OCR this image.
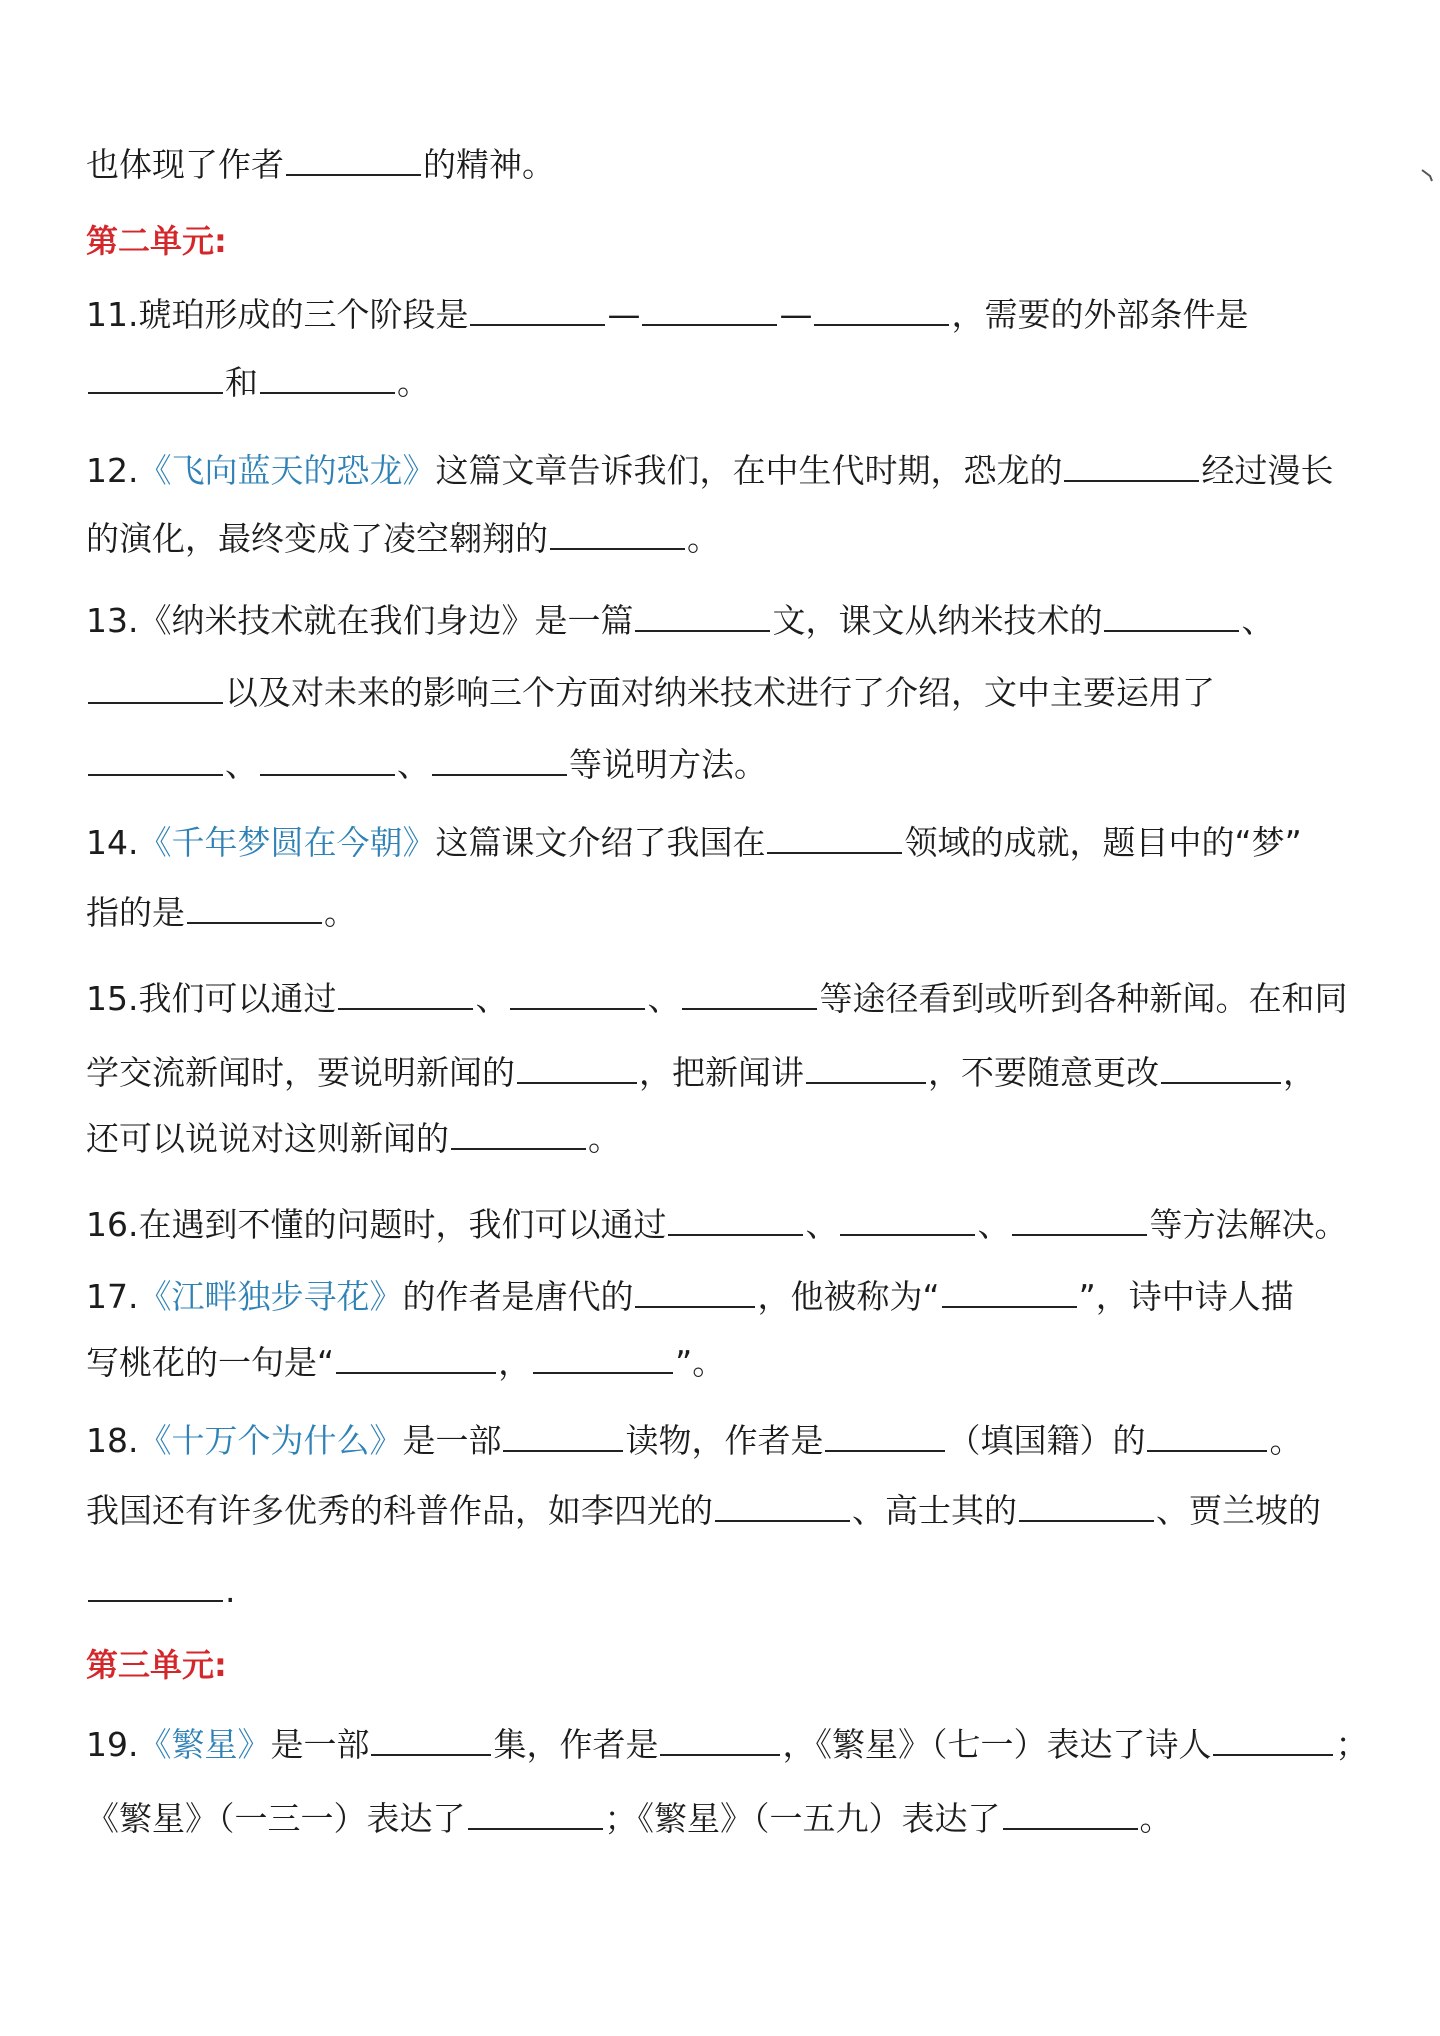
也体现了作者	的精神。
第二单元:
11.琥珀形成的三个阶段是	—	—	，需要的外部条件是
和	。
12.《飞向蓝天的恐龙》这篇文章告诉我们，在中生代时期，恐龙的	经过漫长
的演化，最终变成了凌空翱翔的	。
13.《纳米技术就在我们身边》是一篇	文，课文从纳米技术的	、
以及对未来的影响三个方面对纳米技术进行了介绍，文中主要运用了
、	、	等说明方法。
14.《千年梦圆在今朝》这篇课文介绍了我国在	领域的成就，题目中的“梦”
指的是	。
15.我们可以通过	、	、	等途径看到或听到各种新闻。在和同
学交流新闻时，要说明新闻的	，把新闻讲	，不要随意更改	，
还可以说说对这则新闻的	。
16.在遇到不懂的问题时，我们可以通过	、	、	等方法解决。
17.《江畔独步寻花》的作者是唐代的	，他被称为“	”，诗中诗人描
写桃花的一句是“	，	”。
18.《十万个为什么》是一部	读物，作者是	（填国籍）的	。
我国还有许多优秀的科普作品，如李四光的	、高士其的	、贾兰坡的
.
第三单元:
19.《繁星》是一部	集，作者是	，《繁星》（七一）表达了诗人	；
《繁星》（一三一）表达了	；《繁星》（一五九）表达了	。
